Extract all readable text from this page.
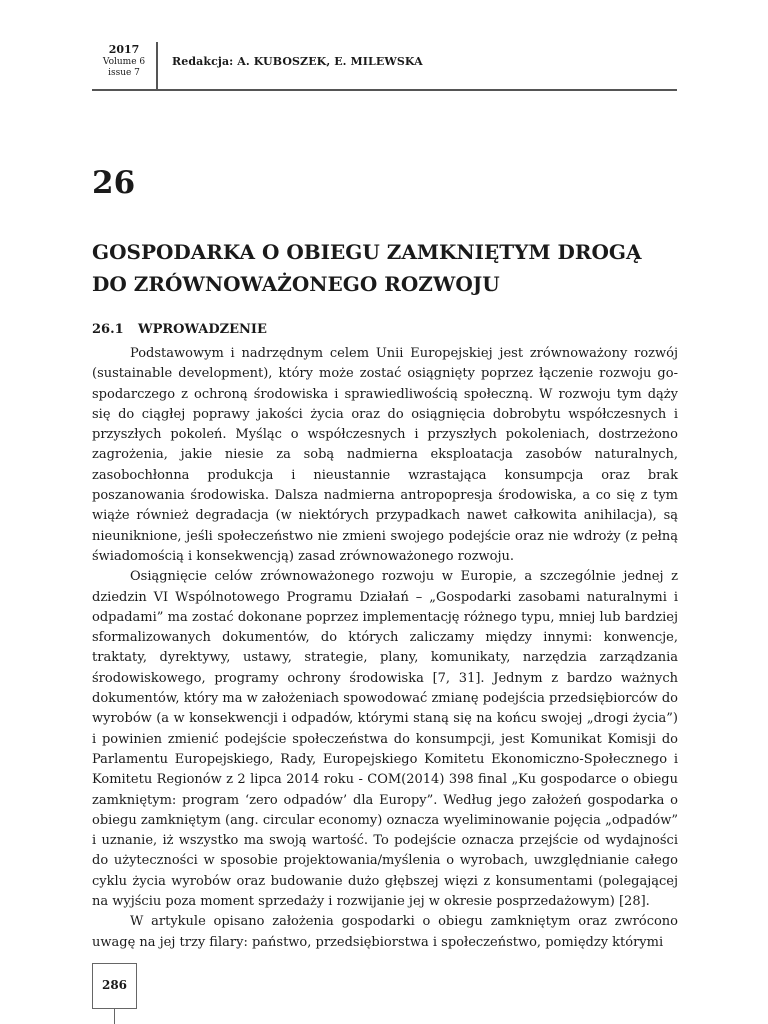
2017
Volume 6
issue 7
Redakcja: A. KUBOSZEK, E. MILEWSKA
26
GOSPODARKA O OBIEGU ZAMKNIĘTYM DROGĄ
DO ZRÓWNOWAŻONEGO ROZWOJU
26.1 WPROWADZENIE

Podstawowym i nadrzędnym celem Unii Europejskiej jest zrównoważony rozwój (sustainable development), który może zostać osiągnięty poprzez łączenie rozwoju gospodarczego z ochroną środowiska i sprawiedliwością społeczną. W rozwoju tym dąży się do ciągłej poprawy jakości życia oraz do osiągnięcia dobrobytu współczesnych i przyszłych pokoleń. Myśląc o współczesnych i przyszłych pokoleniach, dostrzeżono zagrożenia, jakie niesie za sobą nadmierna eksploatacja zasobów naturalnych, zasobochłonna produkcja i nieustannie wzrastająca konsumpcja oraz brak poszanowania środowiska. Dalsza nadmierna antropopresja środowiska, a co się z tym wiąże również degradacja (w niektórych przypadkach nawet całkowita anihilacja), są nieuniknione, jeśli społeczeństwo nie zmieni swojego podejście oraz nie wdroży (z pełną świadomością i konsekwencją) zasad zrównoważonego rozwoju.

Osiągnięcie celów zrównoważonego rozwoju w Europie, a szczególnie jednej z dziedzin VI Wspólnotowego Programu Działań – „Gospodarki zasobami naturalnymi i odpadami” ma zostać dokonane poprzez implementację różnego typu, mniej lub bardziej sformalizowanych dokumentów, do których zaliczamy między innymi: konwencje, traktaty, dyrektywy, ustawy, strategie, plany, komunikaty, narzędzia zarządzania środowiskowego, programy ochrony środowiska [7, 31]. Jednym z bardzo ważnych dokumentów, który ma w założeniach spowodować zmianę podejścia przedsiębiorców do wyrobów (a w konsekwencji i odpadów, którymi staną się na końcu swojej „drogi życia”) i powinien zmienić podejście społeczeństwa do konsumpcji, jest Komunikat Komisji do Parlamentu Europejskiego, Rady, Europejskiego Komitetu Ekonomiczno-Społecznego i Komitetu Regionów z 2 lipca 2014 roku - COM(2014) 398 final „Ku gospodarce o obiegu zamkniętym: program ‘zero odpadów’ dla Europy”. Według jego założeń gospodarka o obiegu zamkniętym (ang. circular economy) oznacza wyeliminowanie pojęcia „odpadów” i uznanie, iż wszystko ma swoją wartość. To podejście oznacza przejście od wydajności do użyteczności w sposobie projektowania/myślenia o wyrobach, uwzględnianie całego cyklu życia wyrobów oraz budowanie dużo głębszej więzi z konsumentami (polegającej na wyjściu poza moment sprzedaży i rozwijanie jej w okresie posprzedażowym) [28].

W artykule opisano założenia gospodarki o obiegu zamkniętym oraz zwrócono uwagę na jej trzy filary: państwo, przedsiębiorstwa i społeczeństwo, pomiędzy którymi

286
